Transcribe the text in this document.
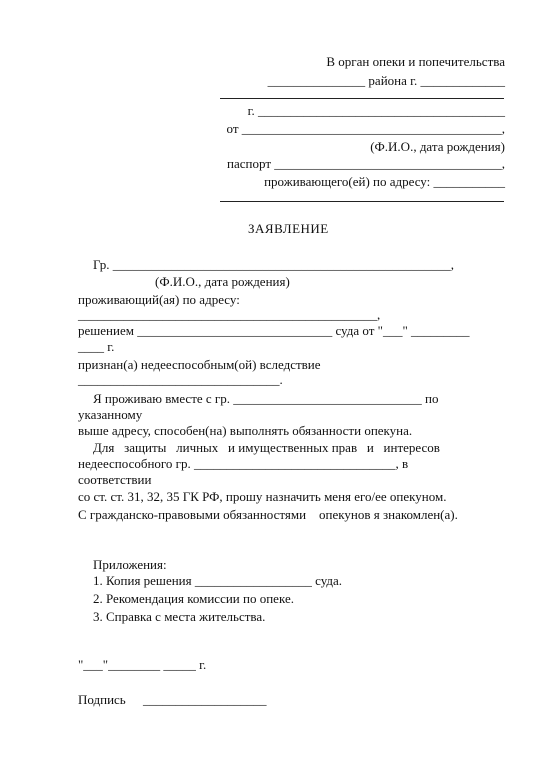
В орган опеки и попечительства
_______________ района г. _____________
г. ______________________________________
от ________________________________________,
(Ф.И.О., дата рождения)
паспорт ___________________________________,
проживающего(ей) по адресу: ___________
ЗАЯВЛЕНИЕ
Гр. ____________________________________________________,
(Ф.И.О., дата рождения)
проживающий(ая) по адресу:
______________________________________________,
решением ______________________________ суда от "___" _________
____ г.
признан(а) недееспособным(ой) вследствие
_______________________________.
Я проживаю вместе с гр. _____________________________ по
указанному
выше адресу, способен(на) выполнять обязанности опекуна.
Для   защиты   личных   и имущественных прав   и   интересов
недееспособного гр. _______________________________, в
соответствии
со ст. ст. 31, 32, 35 ГК РФ, прошу назначить меня его/ее опекуном.
С гражданско-правовыми обязанностями    опекунов я знакомлен(а).
Приложения:
1. Копия решения __________________ суда.
2. Рекомендация комиссии по опеке.
3. Справка с места жительства.
"___"________ _____ г.
Подпись ___________________
